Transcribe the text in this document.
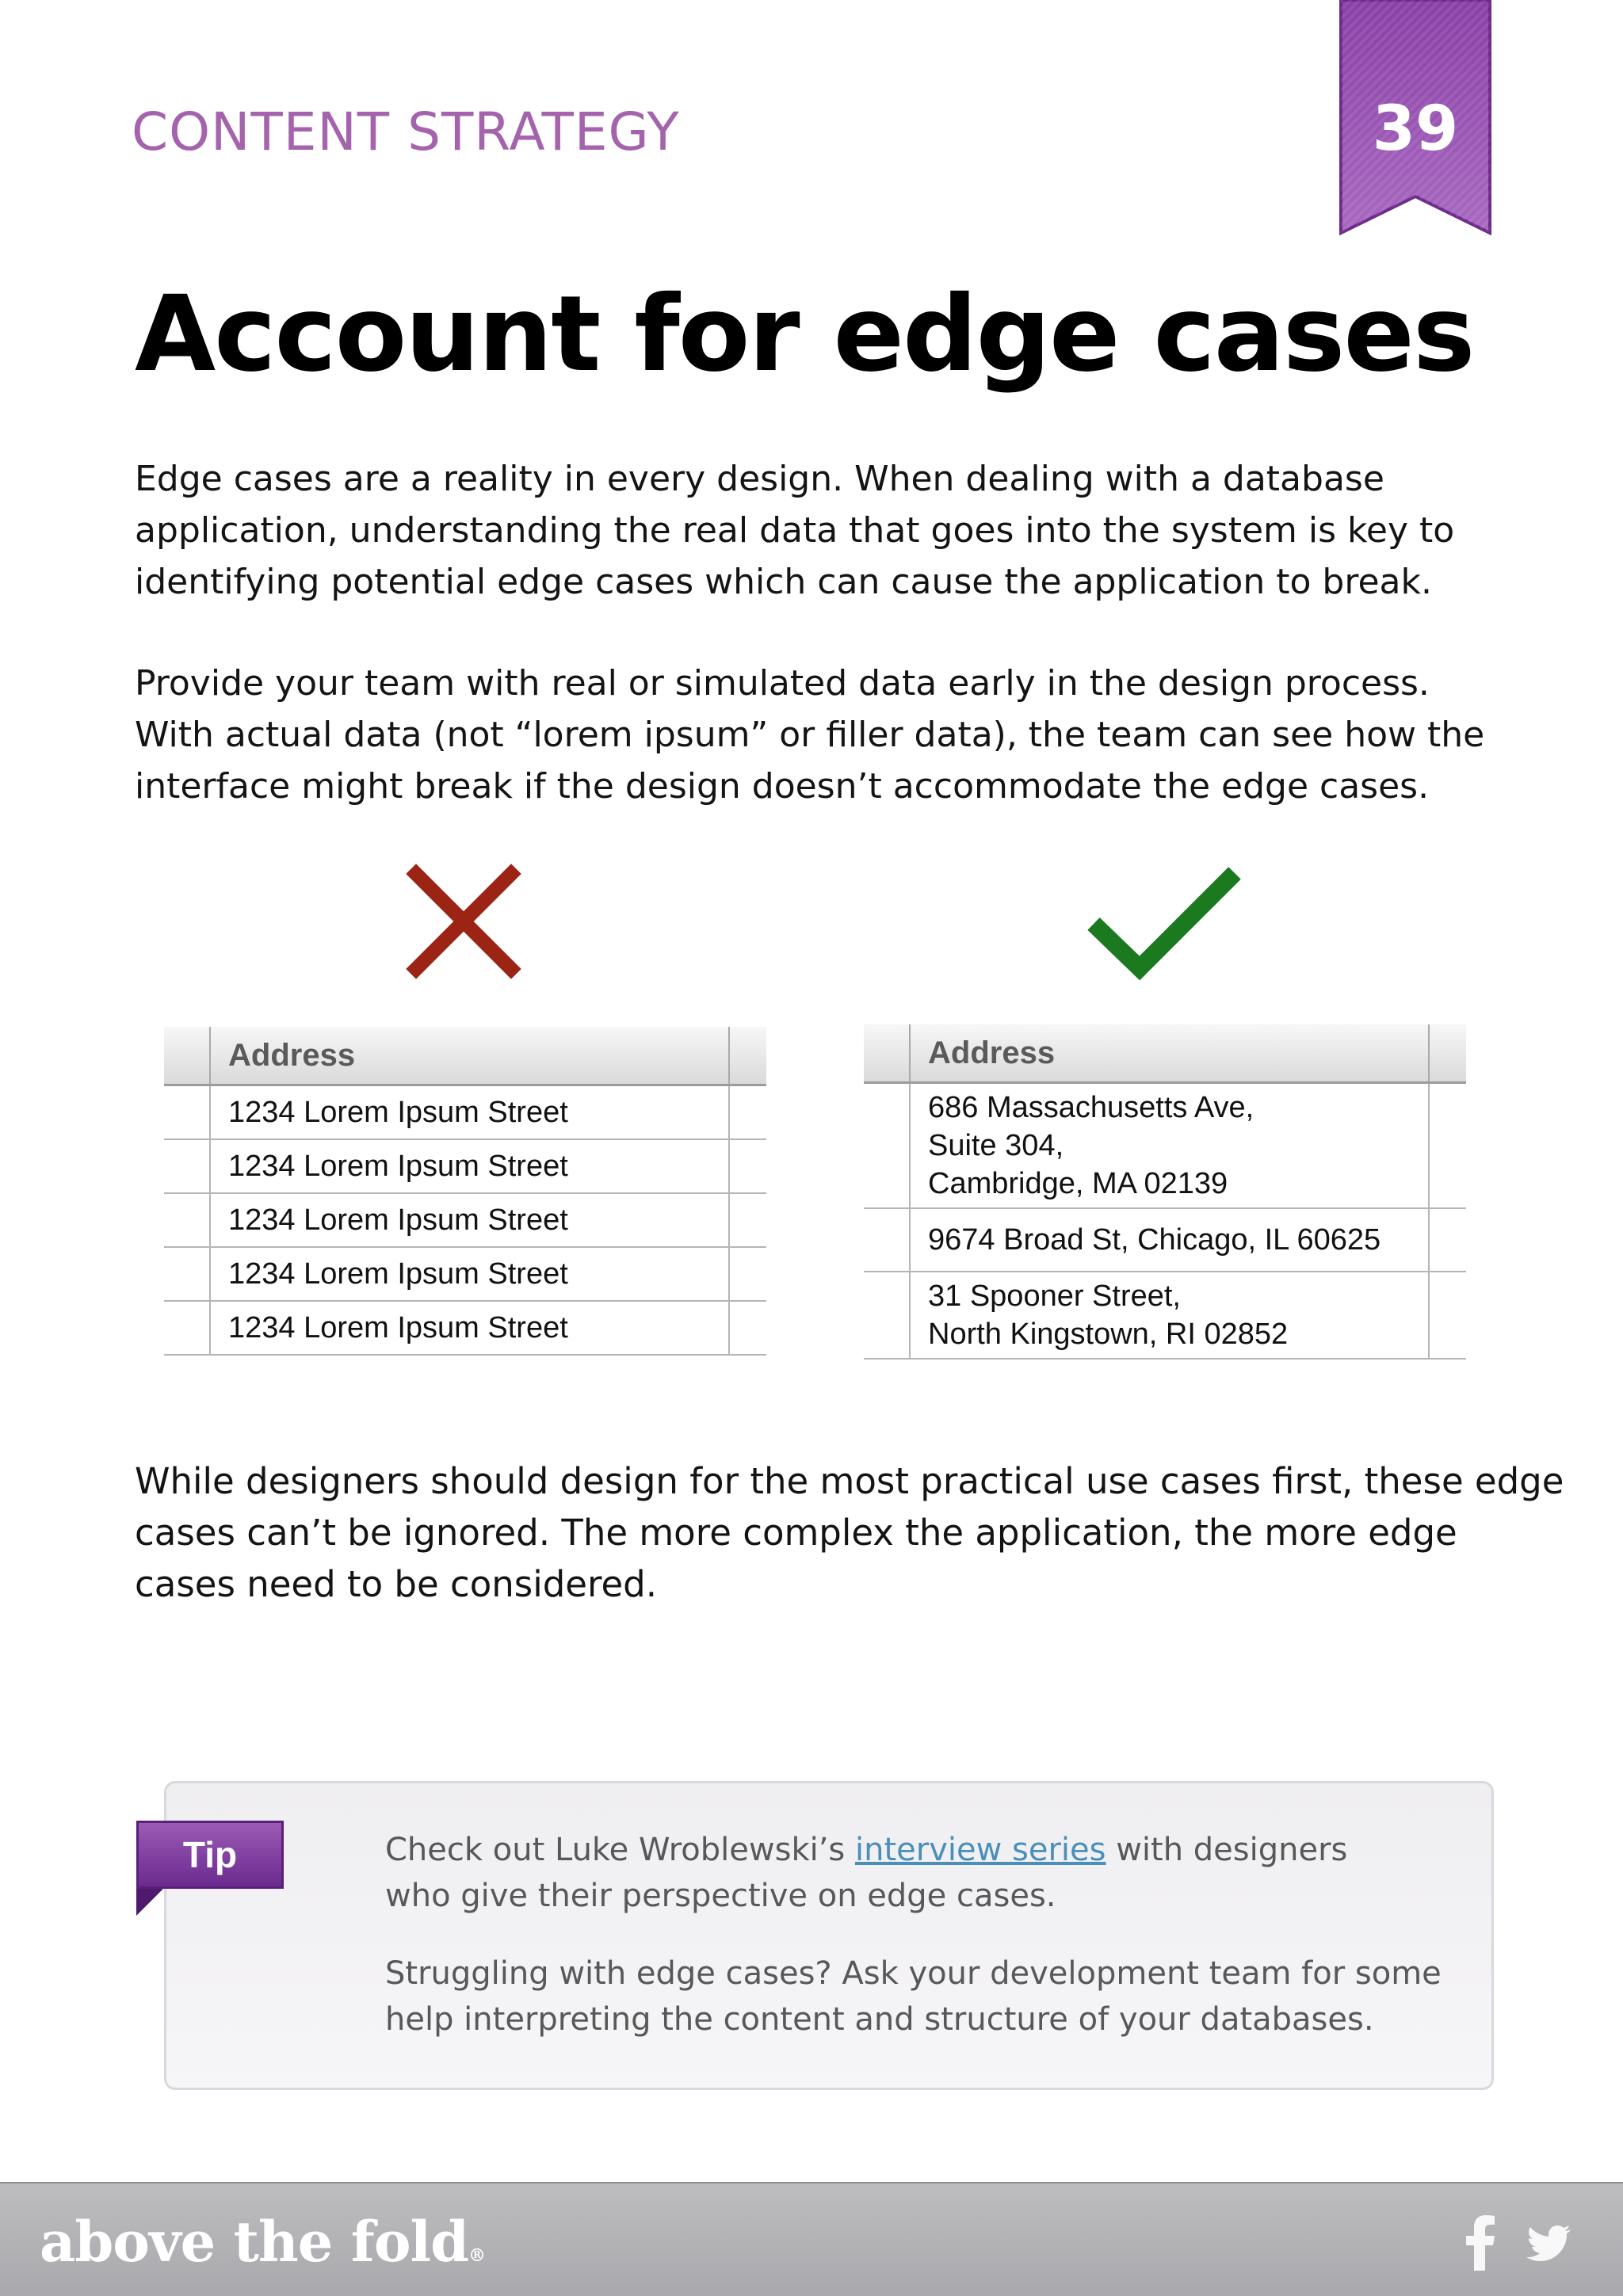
CONTENT STRATEGY	39
Account for edge cases

Edge cases are a reality in every design. When dealing with a database
application, understanding the real data that goes into the system is key to
identifying potential edge cases which can cause the application to break.

Provide your team with real or simulated data early in the design process.
With actual data (not “lorem ipsum” or filler data), the team can see how the
interface might break if the design doesn’t accommodate the edge cases.

	Address	
	1234 Lorem Ipsum Street	
	1234 Lorem Ipsum Street	
	1234 Lorem Ipsum Street	
	1234 Lorem Ipsum Street	
	1234 Lorem Ipsum Street	
	Address	

	686 Massachusetts Ave,
Suite 304,
Cambridge, MA 02139	

	9674 Broad St, Chicago, IL 60625	

	31 Spooner Street,
North Kingstown, RI 02852	

While designers should design for the most practical use cases first, these edge
cases can’t be ignored. The more complex the application, the more edge
cases need to be considered.

Tip	Check out Luke Wroblewski’s interview series with designers
who give their perspective on edge cases.

Struggling with edge cases? Ask your development team for some
help interpreting the content and structure of your databases.

above the fold®
